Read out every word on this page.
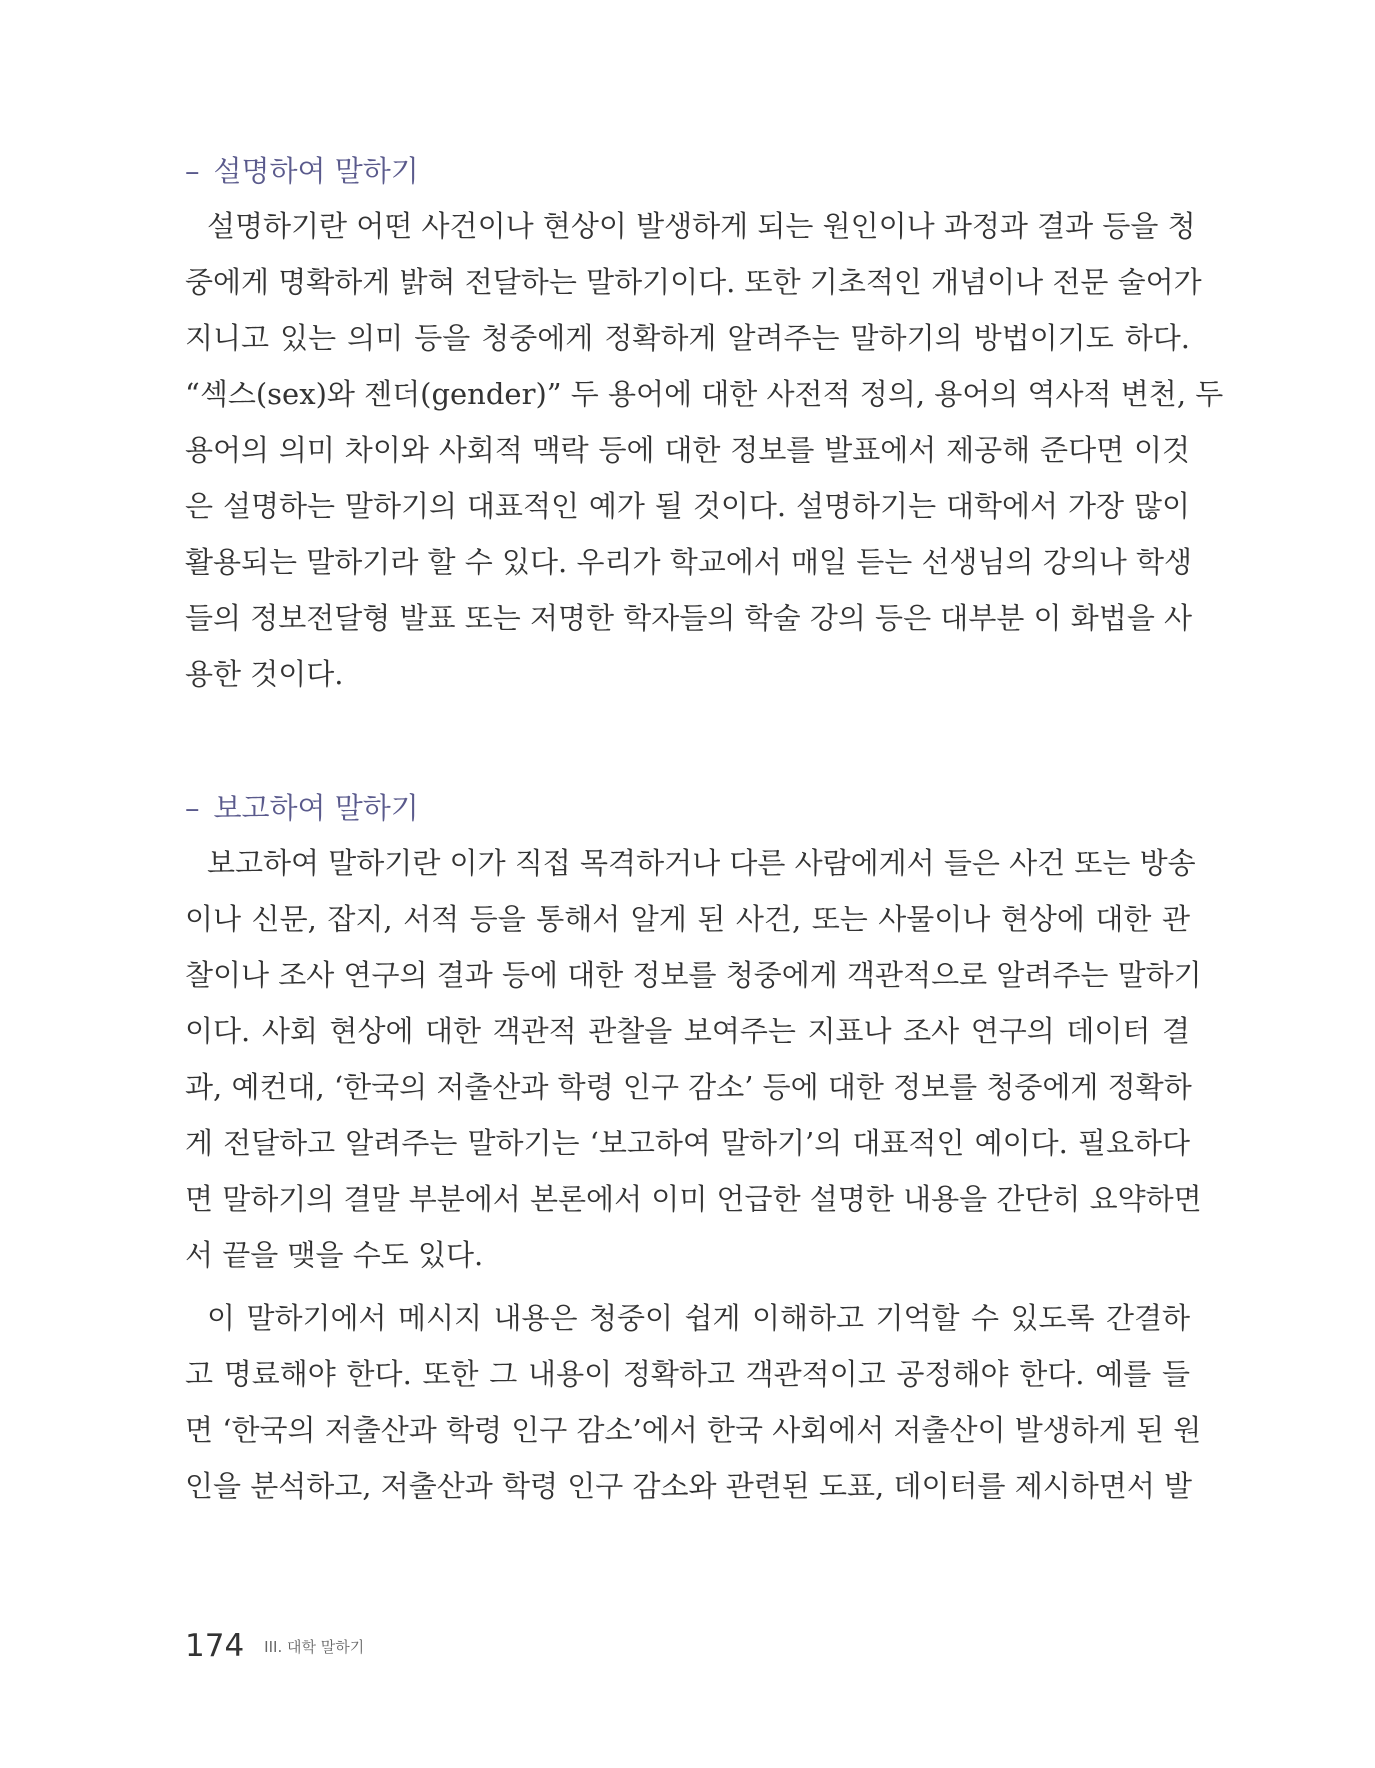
– 설명하여 말하기
설명하기란 어떤 사건이나 현상이 발생하게 되는 원인이나 과정과 결과 등을 청
중에게 명확하게 밝혀 전달하는 말하기이다. 또한 기초적인 개념이나 전문 술어가
지니고 있는 의미 등을 청중에게 정확하게 알려주는 말하기의 방법이기도 하다.
“섹스(sex)와 젠더(gender)” 두 용어에 대한 사전적 정의, 용어의 역사적 변천, 두
용어의 의미 차이와 사회적 맥락 등에 대한 정보를 발표에서 제공해 준다면 이것
은 설명하는 말하기의 대표적인 예가 될 것이다. 설명하기는 대학에서 가장 많이
활용되는 말하기라 할 수 있다. 우리가 학교에서 매일 듣는 선생님의 강의나 학생
들의 정보전달형 발표 또는 저명한 학자들의 학술 강의 등은 대부분 이 화법을 사
용한 것이다.
– 보고하여 말하기
보고하여 말하기란 이가 직접 목격하거나 다른 사람에게서 들은 사건 또는 방송
이나 신문, 잡지, 서적 등을 통해서 알게 된 사건, 또는 사물이나 현상에 대한 관
찰이나 조사 연구의 결과 등에 대한 정보를 청중에게 객관적으로 알려주는 말하기
이다. 사회 현상에 대한 객관적 관찰을 보여주는 지표나 조사 연구의 데이터 결
과, 예컨대, ‘한국의 저출산과 학령 인구 감소’ 등에 대한 정보를 청중에게 정확하
게 전달하고 알려주는 말하기는 ‘보고하여 말하기’의 대표적인 예이다. 필요하다
면 말하기의 결말 부분에서 본론에서 이미 언급한 설명한 내용을 간단히 요약하면
서 끝을 맺을 수도 있다.
이 말하기에서 메시지 내용은 청중이 쉽게 이해하고 기억할 수 있도록 간결하
고 명료해야 한다. 또한 그 내용이 정확하고 객관적이고 공정해야 한다. 예를 들
면 ‘한국의 저출산과 학령 인구 감소’에서 한국 사회에서 저출산이 발생하게 된 원
인을 분석하고, 저출산과 학령 인구 감소와 관련된 도표, 데이터를 제시하면서 발
174 III. 대학 말하기
